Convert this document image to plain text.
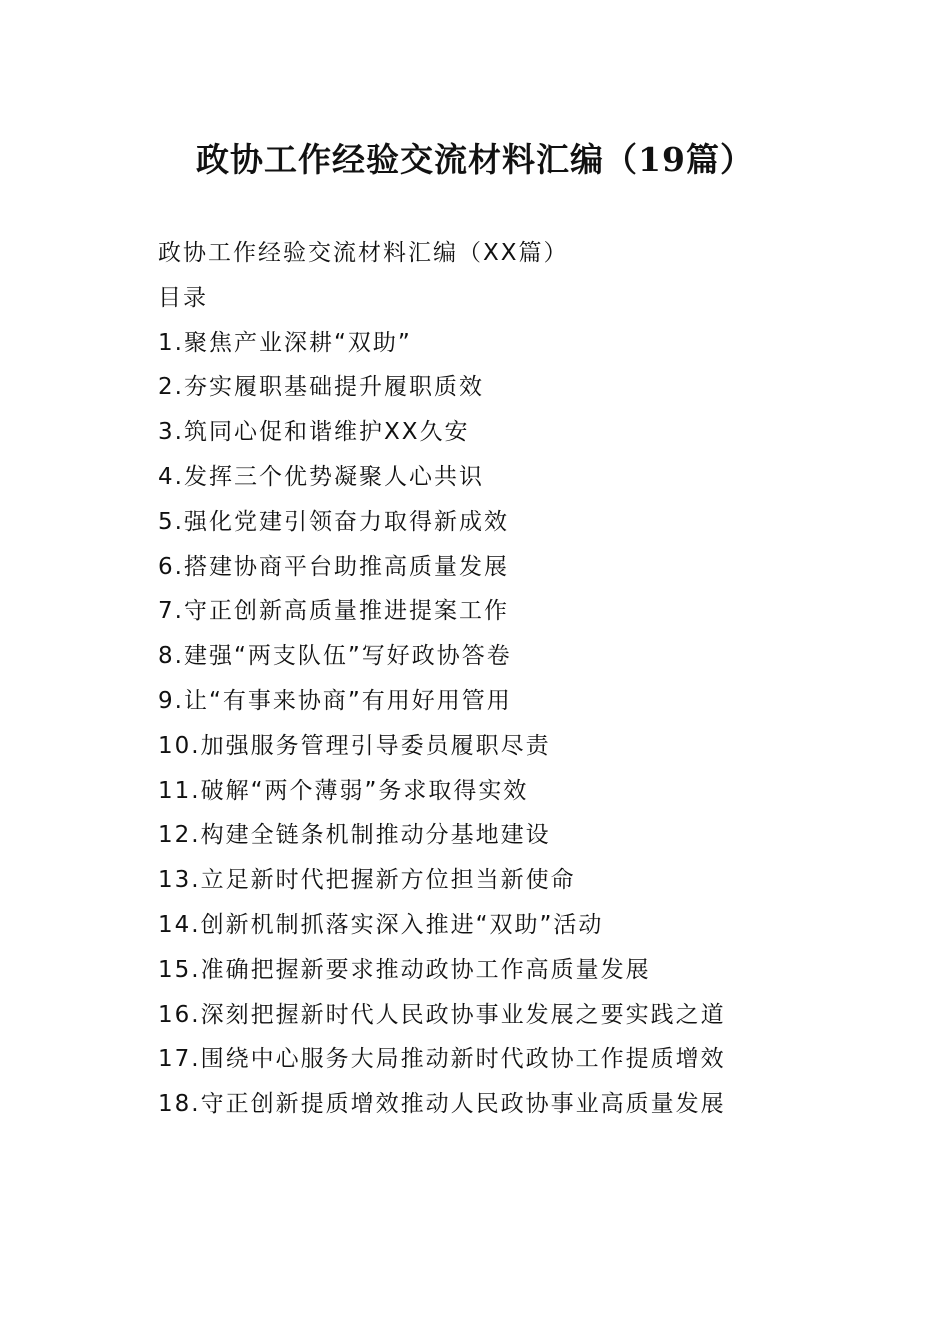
政协工作经验交流材料汇编（19篇）
政协工作经验交流材料汇编（XX篇）
目录
1.聚焦产业深耕“双助”
2.夯实履职基础提升履职质效
3.筑同心促和谐维护XX久安
4.发挥三个优势凝聚人心共识
5.强化党建引领奋力取得新成效
6.搭建协商平台助推高质量发展
7.守正创新高质量推进提案工作
8.建强“两支队伍”写好政协答卷
9.让“有事来协商”有用好用管用
10.加强服务管理引导委员履职尽责
11.破解“两个薄弱”务求取得实效
12.构建全链条机制推动分基地建设
13.立足新时代把握新方位担当新使命
14.创新机制抓落实深入推进“双助”活动
15.准确把握新要求推动政协工作高质量发展
16.深刻把握新时代人民政协事业发展之要实践之道
17.围绕中心服务大局推动新时代政协工作提质增效
18.守正创新提质增效推动人民政协事业高质量发展
